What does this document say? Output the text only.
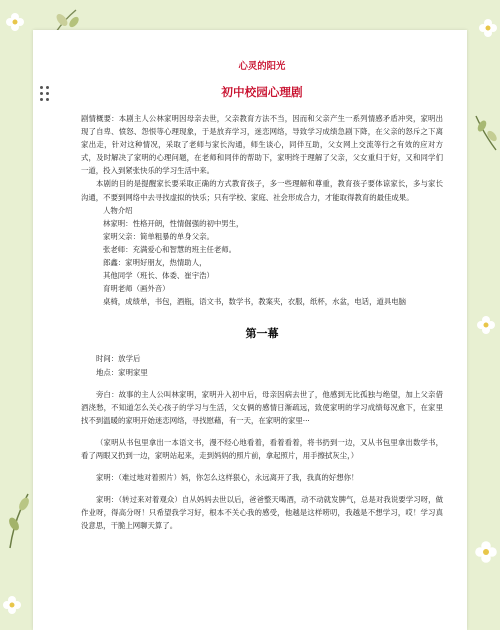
心灵的阳光

初中校园心理剧

剧情概要：本剧主人公林家明因母亲去世，父亲教育方法不当，因而和父亲产生一系列情感矛盾冲突，家明出现了自卑、愤怒、怨恨等心理现象，于是放弃学习，迷恋网络，导致学习成绩急剧下降，在父亲的怒斥之下离家出走，针对这种情况，采取了老师与家长沟通，师生谈心，同伴互助，父女网上交流等行之有效的应对方式，及时解决了家明的心理问题，在老师和同伴的帮助下，家明终于理解了父亲，父女重归于好，又和同学们一道，投入到紧张快乐的学习生活中来。

本剧的目的是提醒家长要采取正确的方式教育孩子，多一些理解和尊重，教育孩子要体谅家长，多与家长沟通，不要到网络中去寻找虚拟的快乐；只有学校、家庭、社会形成合力，才能取得教育的最佳成果。

人物介绍

林家明：性格开朗，性情倔强的初中男生，

家明父亲：简单粗暴的单身父亲。

张老师：充满爱心和智慧的班主任老师。

郎鑫：家明好朋友，热情助人，

其他同学（班长、体委、崔宇浩）

育明老师（画外音）

桌椅，成绩单，书包，酒瓶，语文书，数学书，教案夹，衣服，纸杯，水盆，电话，道具电脑

第一幕

时间：放学后

地点：家明家里

旁白：故事的主人公叫林家明，家明升入初中后，母亲因病去世了，他感到无比孤独与绝望，加上父亲借酒浇愁，不知道怎么关心孩子的学习与生活，父女俩的感情日渐疏远，致使家明的学习成绩每况愈下，在家里找不到温暖的家明开始迷恋网络，寻找慰藉，有一天，在家明的家里···

（家明从书包里拿出一本语文书，漫不经心地看着，看着看着，将书扔到一边，又从书包里拿出数学书，看了两眼又扔到一边，家明站起来，走到妈妈的照片前，拿起照片，用手擦拭灰尘，）

家明：（难过地对着照片）妈，你怎么这样狠心，永远离开了我，我真的好想你！

家明：（转过来对着观众）自从妈妈去世以后，爸爸整天喝酒，动不动就发脾气，总是对我说要学习呀，做作业呀，得高分呀！只希望我学习好，根本不关心我的感受，他越是这样唠叨，我越是不想学习，哎！学习真没意思，干脆上网聊天算了。
